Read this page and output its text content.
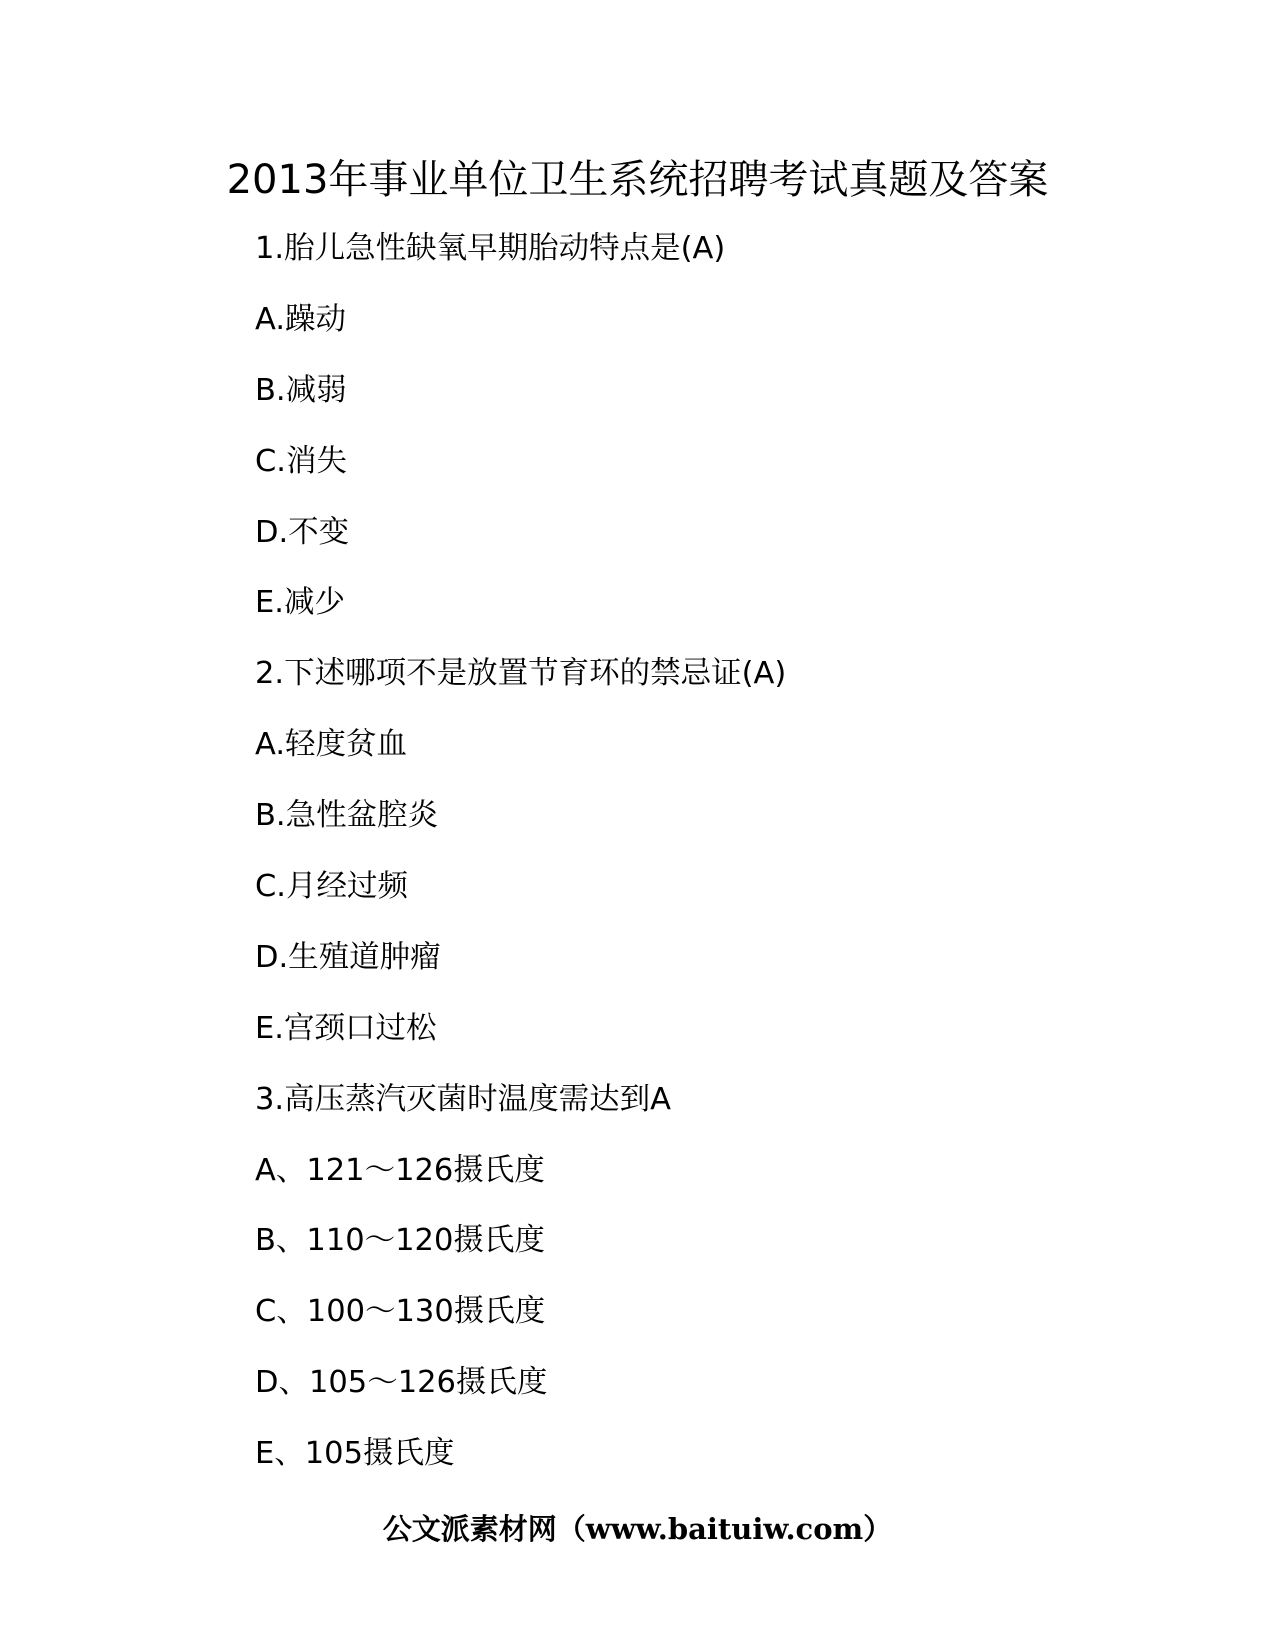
2013年事业单位卫生系统招聘考试真题及答案
1.胎儿急性缺氧早期胎动特点是(A)
A.躁动
B.减弱
C.消失
D.不变
E.减少
2.下述哪项不是放置节育环的禁忌证(A)
A.轻度贫血
B.急性盆腔炎
C.月经过频
D.生殖道肿瘤
E.宫颈口过松
3.高压蒸汽灭菌时温度需达到A
A、121～126摄氏度
B、110～120摄氏度
C、100～130摄氏度
D、105～126摄氏度
E、105摄氏度
公文派素材网（www.baituiw.com）
